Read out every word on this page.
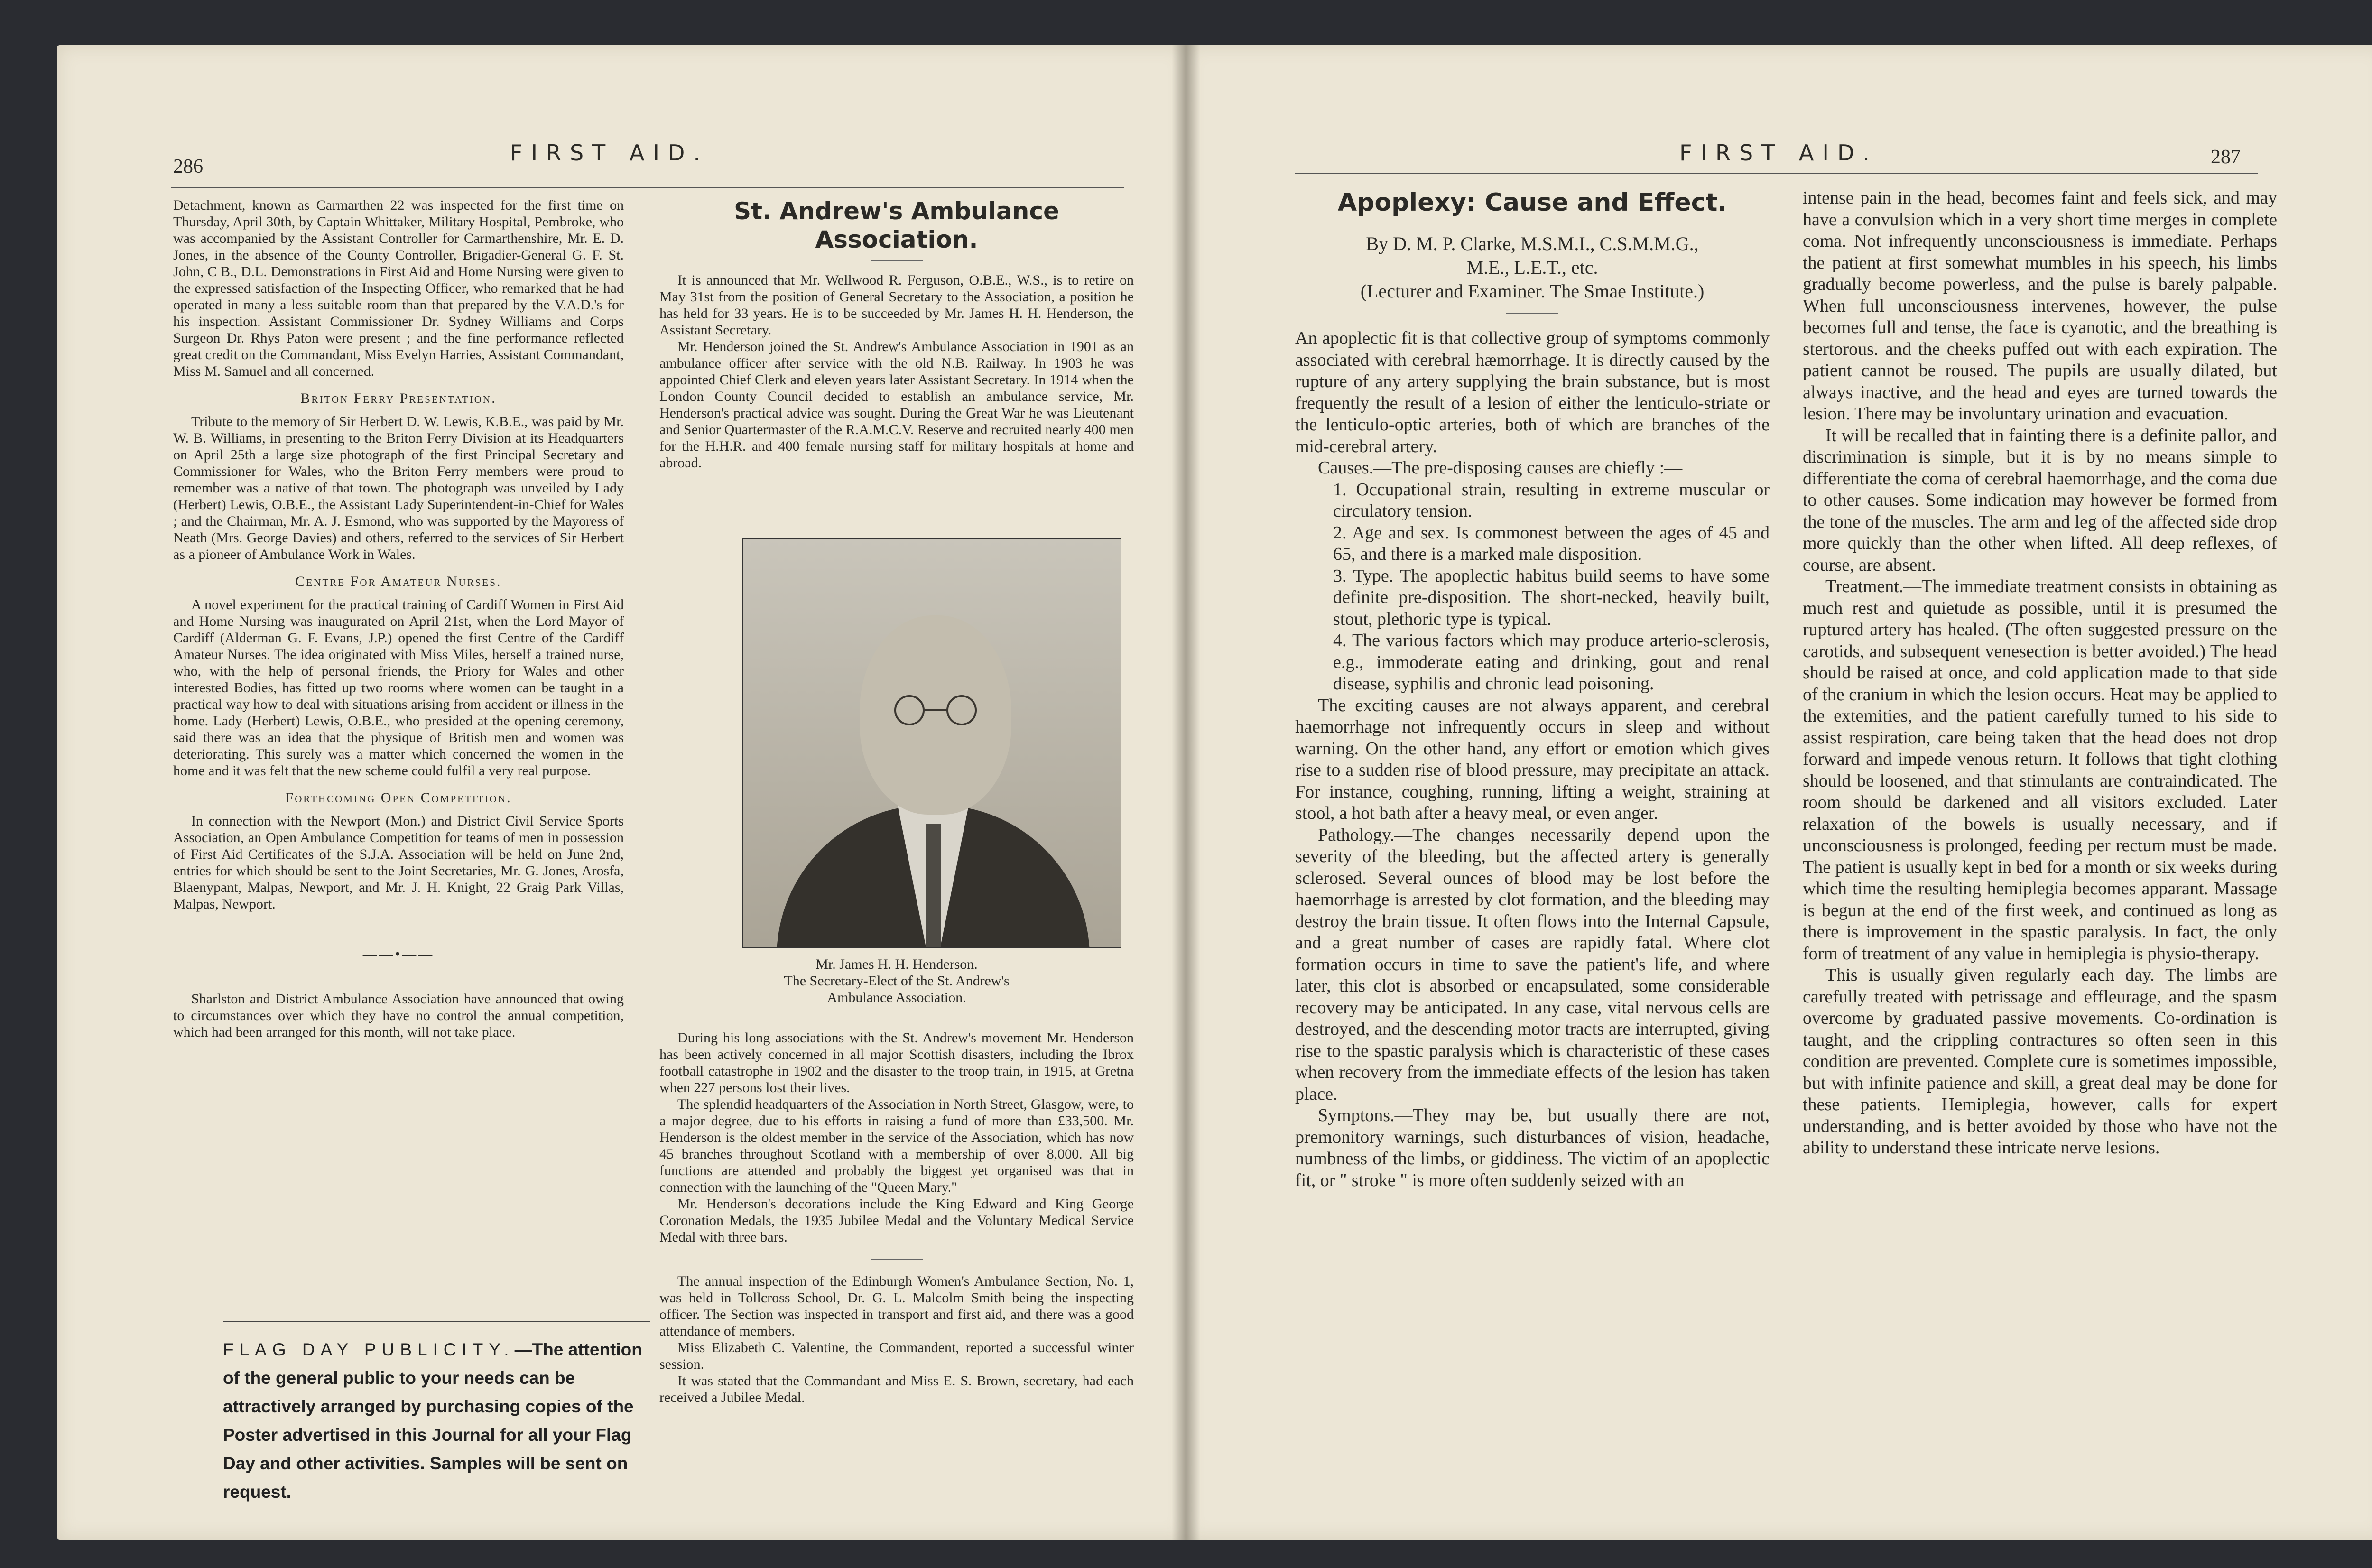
286
FIRST AID.

Detachment, known as Carmarthen 22 was inspected for the first time on Thursday, April 30th, by Captain Whittaker, Military Hospital, Pembroke, who was accompanied by the Assistant Controller for Carmarthenshire, Mr. E. D. Jones, in the absence of the County Controller, Brigadier-General G. F. St. John, C B., D.L. Demonstrations in First Aid and Home Nursing were given to the expressed satisfaction of the Inspecting Officer, who remarked that he had operated in many a less suitable room than that prepared by the V.A.D.'s for his inspection. Assistant Commissioner Dr. Sydney Williams and Corps Surgeon Dr. Rhys Paton were present ; and the fine performance reflected great credit on the Commandant, Miss Evelyn Harries, Assistant Commandant, Miss M. Samuel and all concerned.

Briton Ferry Presentation.

Tribute to the memory of Sir Herbert D. W. Lewis, K.B.E., was paid by Mr. W. B. Williams, in presenting to the Briton Ferry Division at its Headquarters on April 25th a large size photograph of the first Principal Secretary and Commissioner for Wales, who the Briton Ferry members were proud to remember was a native of that town. The photograph was unveiled by Lady (Herbert) Lewis, O.B.E., the Assistant Lady Superintendent-in-Chief for Wales ; and the Chairman, Mr. A. J. Esmond, who was supported by the Mayoress of Neath (Mrs. George Davies) and others, referred to the services of Sir Herbert as a pioneer of Ambulance Work in Wales.

Centre For Amateur Nurses.

A novel experiment for the practical training of Cardiff Women in First Aid and Home Nursing was inaugurated on April 21st, when the Lord Mayor of Cardiff (Alderman G. F. Evans, J.P.) opened the first Centre of the Cardiff Amateur Nurses. The idea originated with Miss Miles, herself a trained nurse, who, with the help of personal friends, the Priory for Wales and other interested Bodies, has fitted up two rooms where women can be taught in a practical way how to deal with situations arising from accident or illness in the home. Lady (Herbert) Lewis, O.B.E., who presided at the opening ceremony, said there was an idea that the physique of British men and women was deteriorating. This surely was a matter which concerned the women in the home and it was felt that the new scheme could fulfil a very real purpose.

Forthcoming Open Competition.

In connection with the Newport (Mon.) and District Civil Service Sports Association, an Open Ambulance Competition for teams of men in possession of First Aid Certificates of the S.J.A. Association will be held on June 2nd, entries for which should be sent to the Joint Secretaries, Mr. G. Jones, Arosfa, Blaenypant, Malpas, Newport, and Mr. J. H. Knight, 22 Graig Park Villas, Malpas, Newport.

——•——

Sharlston and District Ambulance Association have announced that owing to circumstances over which they have no control the annual competition, which had been arranged for this month, will not take place.

FLAG DAY PUBLICITY.—The attention of the general public to your needs can be attractively arranged by purchasing copies of the Poster advertised in this Journal for all your Flag Day and other activities. Samples will be sent on request.
St. Andrew's Ambulance Association.

It is announced that Mr. Wellwood R. Ferguson, O.B.E., W.S., is to retire on May 31st from the position of General Secretary to the Association, a position he has held for 33 years. He is to be succeeded by Mr. James H. H. Henderson, the Assistant Secretary.

Mr. Henderson joined the St. Andrew's Ambulance Association in 1901 as an ambulance officer after service with the old N.B. Railway. In 1903 he was appointed Chief Clerk and eleven years later Assistant Secretary. In 1914 when the London County Council decided to establish an ambulance service, Mr. Henderson's practical advice was sought. During the Great War he was Lieutenant and Senior Quartermaster of the R.A.M.C.V. Reserve and recruited nearly 400 men for the H.H.R. and 400 female nursing staff for military hospitals at home and abroad.

Mr. James H. H. Henderson.

The Secretary-Elect of the St. Andrew's

Ambulance Association.

During his long associations with the St. Andrew's movement Mr. Henderson has been actively concerned in all major Scottish disasters, including the Ibrox football catastrophe in 1902 and the disaster to the troop train, in 1915, at Gretna when 227 persons lost their lives.

The splendid headquarters of the Association in North Street, Glasgow, were, to a major degree, due to his efforts in raising a fund of more than £33,500. Mr. Henderson is the oldest member in the service of the Association, which has now 45 branches throughout Scotland with a membership of over 8,000. All big functions are attended and probably the biggest yet organised was that in connection with the launching of the "Queen Mary."

Mr. Henderson's decorations include the King Edward and King George Coronation Medals, the 1935 Jubilee Medal and the Voluntary Medical Service Medal with three bars.

The annual inspection of the Edinburgh Women's Ambulance Section, No. 1, was held in Tollcross School, Dr. G. L. Malcolm Smith being the inspecting officer. The Section was inspected in transport and first aid, and there was a good attendance of members.

Miss Elizabeth C. Valentine, the Commandent, reported a successful winter session.

It was stated that the Commandant and Miss E. S. Brown, secretary, had each received a Jubilee Medal.

FIRST AID.	287
Apoplexy: Cause and Effect.
By D. M. P. Clarke, M.S.M.I., C.S.M.M.G.,
M.E., L.E.T., etc.
(Lecturer and Examiner. The Smae Institute.)

An apoplectic fit is that collective group of symptoms commonly associated with cerebral hæmorrhage. It is directly caused by the rupture of any artery supplying the brain substance, but is most frequently the result of a lesion of either the lenticulo-striate or the lenticulo-optic arteries, both of which are branches of the mid-cerebral artery.

Causes.—The pre-disposing causes are chiefly :—

1. Occupational strain, resulting in extreme muscular or circulatory tension.

2. Age and sex. Is commonest between the ages of 45 and 65, and there is a marked male disposition.

3. Type. The apoplectic habitus build seems to have some definite pre-disposition. The short-necked, heavily built, stout, plethoric type is typical.

4. The various factors which may produce arterio-sclerosis, e.g., immoderate eating and drinking, gout and renal disease, syphilis and chronic lead poisoning.

The exciting causes are not always apparent, and cerebral haemorrhage not infrequently occurs in sleep and without warning. On the other hand, any effort or emotion which gives rise to a sudden rise of blood pressure, may precipitate an attack. For instance, coughing, running, lifting a weight, straining at stool, a hot bath after a heavy meal, or even anger.

Pathology.—The changes necessarily depend upon the severity of the bleeding, but the affected artery is generally sclerosed. Several ounces of blood may be lost before the haemorrhage is arrested by clot formation, and the bleeding may destroy the brain tissue. It often flows into the Internal Capsule, and a great number of cases are rapidly fatal. Where clot formation occurs in time to save the patient's life, and where later, this clot is absorbed or encapsulated, some considerable recovery may be anticipated. In any case, vital nervous cells are destroyed, and the descending motor tracts are interrupted, giving rise to the spastic paralysis which is characteristic of these cases when recovery from the immediate effects of the lesion has taken place.

Symptons.—They may be, but usually there are not, premonitory warnings, such disturbances of vision, headache, numbness of the limbs, or giddiness. The victim of an apoplectic fit, or " stroke " is more often suddenly seized with an

intense pain in the head, becomes faint and feels sick, and may have a convulsion which in a very short time merges in complete coma. Not infrequently unconsciousness is immediate. Perhaps the patient at first somewhat mumbles in his speech, his limbs gradually become powerless, and the pulse is barely palpable. When full unconsciousness intervenes, however, the pulse becomes full and tense, the face is cyanotic, and the breathing is stertorous. and the cheeks puffed out with each expiration. The patient cannot be roused. The pupils are usually dilated, but always inactive, and the head and eyes are turned towards the lesion. There may be involuntary urination and evacuation.

It will be recalled that in fainting there is a definite pallor, and discrimination is simple, but it is by no means simple to differentiate the coma of cerebral haemorrhage, and the coma due to other causes. Some indication may however be formed from the tone of the muscles. The arm and leg of the affected side drop more quickly than the other when lifted. All deep reflexes, of course, are absent.

Treatment.—The immediate treatment consists in obtaining as much rest and quietude as possible, until it is presumed the ruptured artery has healed. (The often suggested pressure on the carotids, and subsequent venesection is better avoided.) The head should be raised at once, and cold application made to that side of the cranium in which the lesion occurs. Heat may be applied to the extemities, and the patient carefully turned to his side to assist respiration, care being taken that the head does not drop forward and impede venous return. It follows that tight clothing should be loosened, and that stimulants are contraindicated. The room should be darkened and all visitors excluded. Later relaxation of the bowels is usually necessary, and if unconsciousness is prolonged, feeding per rectum must be made. The patient is usually kept in bed for a month or six weeks during which time the resulting hemiplegia becomes apparant. Massage is begun at the end of the first week, and continued as long as there is improvement in the spastic paralysis. In fact, the only form of treatment of any value in hemiplegia is physio-therapy.

This is usually given regularly each day. The limbs are carefully treated with petrissage and effleurage, and the spasm overcome by graduated passive movements. Co-ordination is taught, and the crippling contractures so often seen in this condition are prevented. Complete cure is sometimes impossible, but with infinite patience and skill, a great deal may be done for these patients. Hemiplegia, however, calls for expert understanding, and is better avoided by those who have not the ability to understand these intricate nerve lesions.
